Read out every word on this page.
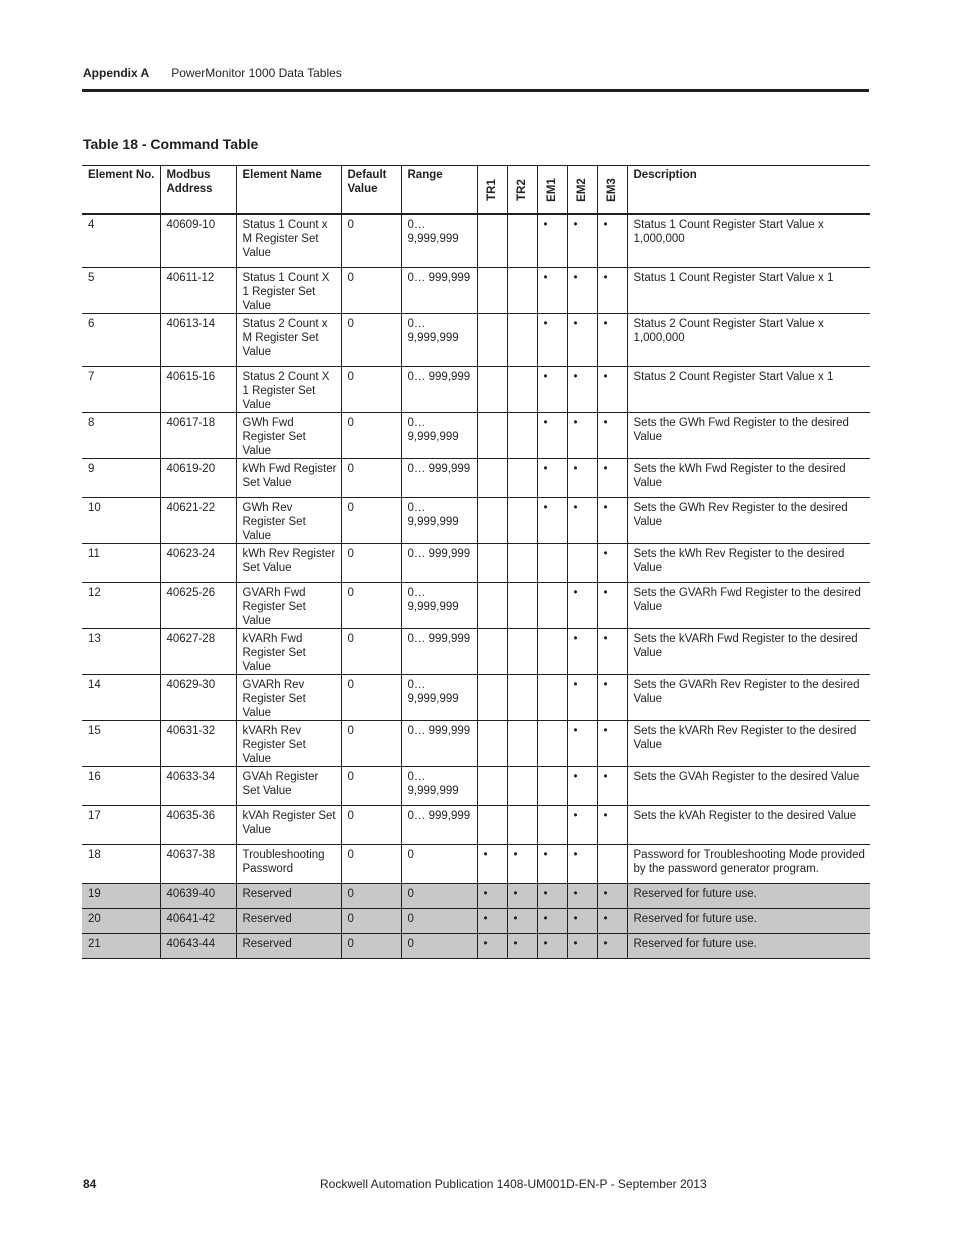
Appendix A PowerMonitor 1000 Data Tables
Table 18 - Command Table
Element No.	Modbus Address	Element Name	Default Value	Range	TR1	TR2	EM1	EM2	EM3	Description
4	40609-10	Status 1 Count x M Register Set Value	0	0… 9,999,999			•	•	•	Status 1 Count Register Start Value x 1,000,000
5	40611-12	Status 1 Count X 1 Register Set Value	0	0… 999,999			•	•	•	Status 1 Count Register Start Value x 1
6	40613-14	Status 2 Count x M Register Set Value	0	0… 9,999,999			•	•	•	Status 2 Count Register Start Value x 1,000,000
7	40615-16	Status 2 Count X 1 Register Set Value	0	0… 999,999			•	•	•	Status 2 Count Register Start Value x 1
8	40617-18	GWh Fwd Register Set Value	0	0… 9,999,999			•	•	•	Sets the GWh Fwd Register to the desired Value
9	40619-20	kWh Fwd Register Set Value	0	0… 999,999			•	•	•	Sets the kWh Fwd Register to the desired Value
10	40621-22	GWh Rev Register Set Value	0	0… 9,999,999			•	•	•	Sets the GWh Rev Register to the desired Value
11	40623-24	kWh Rev Register Set Value	0	0… 999,999					•	Sets the kWh Rev Register to the desired Value
12	40625-26	GVARh Fwd Register Set Value	0	0… 9,999,999				•	•	Sets the GVARh Fwd Register to the desired Value
13	40627-28	kVARh Fwd Register Set Value	0	0… 999,999				•	•	Sets the kVARh Fwd Register to the desired Value
14	40629-30	GVARh Rev Register Set Value	0	0… 9,999,999				•	•	Sets the GVARh Rev Register to the desired Value
15	40631-32	kVARh Rev Register Set Value	0	0… 999,999				•	•	Sets the kVARh Rev Register to the desired Value
16	40633-34	GVAh Register Set Value	0	0… 9,999,999				•	•	Sets the GVAh Register to the desired Value
17	40635-36	kVAh Register Set Value	0	0… 999,999				•	•	Sets the kVAh Register to the desired Value
18	40637-38	Troubleshooting Password	0	0	•	•	•	•		Password for Troubleshooting Mode provided by the password generator program.
19	40639-40	Reserved	0	0	•	•	•	•	•	Reserved for future use.
20	40641-42	Reserved	0	0	•	•	•	•	•	Reserved for future use.
21	40643-44	Reserved	0	0	•	•	•	•	•	Reserved for future use.
84	Rockwell Automation Publication 1408-UM001D-EN-P - September 2013
